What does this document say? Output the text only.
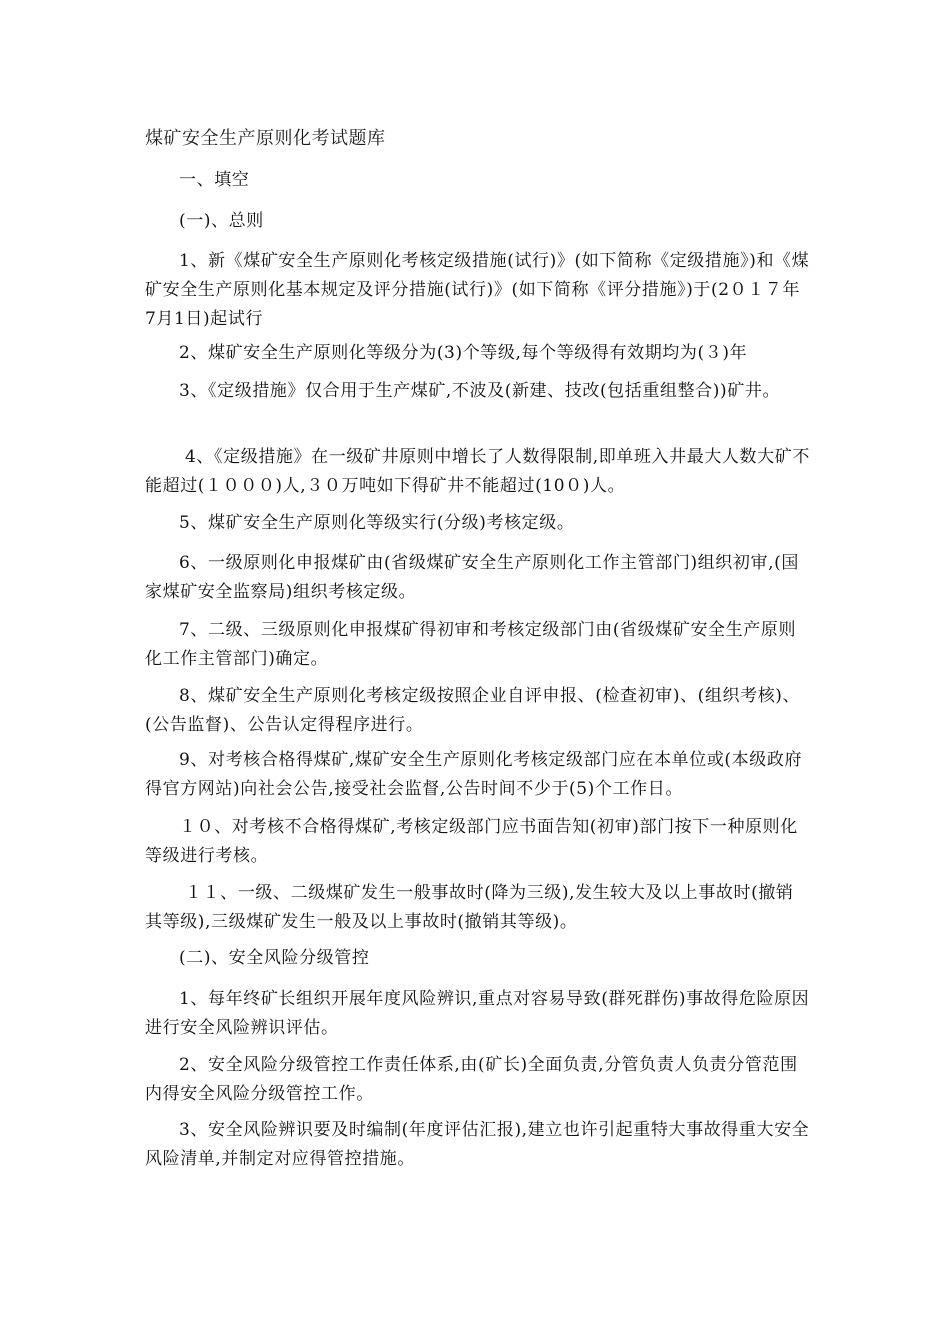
煤矿安全生产原则化考试题库
一、填空
(一)、总则
1、新《煤矿安全生产原则化考核定级措施(试行)》(如下简称《定级措施》)和《煤矿安全生产原则化基本规定及评分措施(试行)》(如下简称《评分措施》)于(2０１７年7月1日)起试行
2、煤矿安全生产原则化等级分为(3)个等级,每个等级得有效期均为(３)年
3、《定级措施》仅合用于生产煤矿,不波及(新建、技改(包括重组整合))矿井。
4、《定级措施》在一级矿井原则中增长了人数得限制,即单班入井最大人数大矿不能超过(１０００)人,３０万吨如下得矿井不能超过(10０)人。
5、煤矿安全生产原则化等级实行(分级)考核定级。
6、一级原则化申报煤矿由(省级煤矿安全生产原则化工作主管部门)组织初审,(国家煤矿安全监察局)组织考核定级。
7、二级、三级原则化申报煤矿得初审和考核定级部门由(省级煤矿安全生产原则化工作主管部门)确定。
8、煤矿安全生产原则化考核定级按照企业自评申报、(检查初审)、(组织考核)、(公告监督)、公告认定得程序进行。
9、对考核合格得煤矿,煤矿安全生产原则化考核定级部门应在本单位或(本级政府得官方网站)向社会公告,接受社会监督,公告时间不少于(5)个工作日。
１０、对考核不合格得煤矿,考核定级部门应书面告知(初审)部门按下一种原则化等级进行考核。
１１、一级、二级煤矿发生一般事故时(降为三级),发生较大及以上事故时(撤销其等级),三级煤矿发生一般及以上事故时(撤销其等级)。
(二)、安全风险分级管控
1、每年终矿长组织开展年度风险辨识,重点对容易导致(群死群伤)事故得危险原因进行安全风险辨识评估。
2、安全风险分级管控工作责任体系,由(矿长)全面负责,分管负责人负责分管范围内得安全风险分级管控工作。
3、安全风险辨识要及时编制(年度评估汇报),建立也许引起重特大事故得重大安全风险清单,并制定对应得管控措施。
